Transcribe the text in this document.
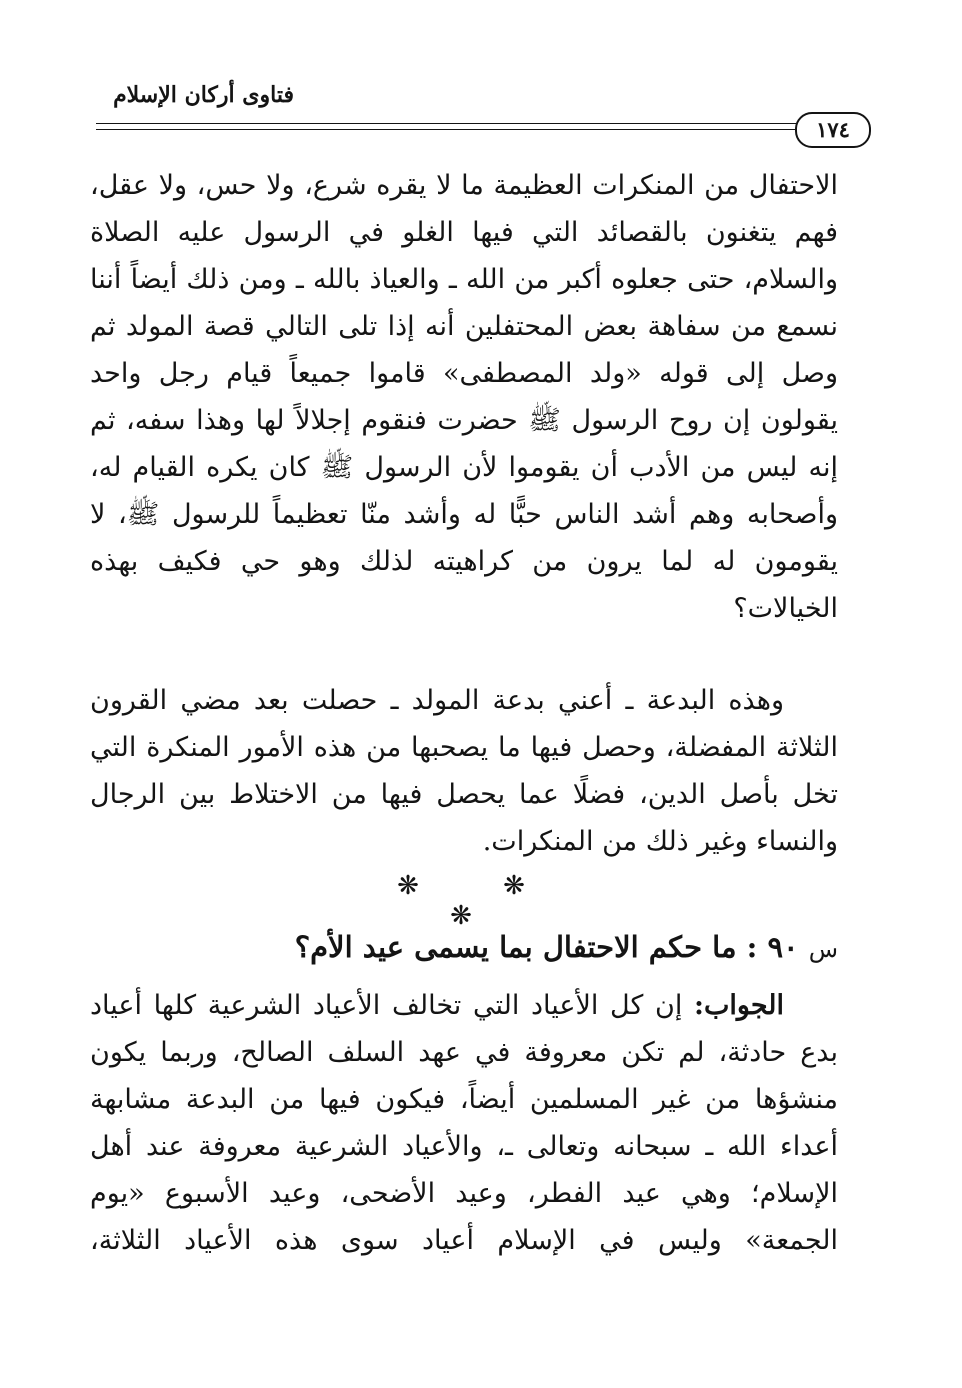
فتاوى أركان الإسلام
١٧٤

الاحتفال من المنكرات العظيمة ما لا يقره شرع، ولا حس، ولا عقل، فهم يتغنون بالقصائد التي فيها الغلو في الرسول عليه الصلاة والسلام، حتى جعلوه أكبر من الله ـ والعياذ بالله ـ ومن ذلك أيضاً أننا نسمع من سفاهة بعض المحتفلين أنه إذا تلى التالي قصة المولد ثم وصل إلى قوله «ولد المصطفى» قاموا جميعاً قيام رجل واحد يقولون إن روح الرسول ﷺ حضرت فنقوم إجلالاً لها وهذا سفه، ثم إنه ليس من الأدب أن يقوموا لأن الرسول ﷺ كان يكره القيام له، وأصحابه وهم أشد الناس حبًّا له وأشد منّا تعظيماً للرسول ﷺ، لا يقومون له لما يرون من كراهيته لذلك وهو حي فكيف بهذه الخيالات؟

وهذه البدعة ـ أعني بدعة المولد ـ حصلت بعد مضي القرون الثلاثة المفضلة، وحصل فيها ما يصحبها من هذه الأمور المنكرة التي تخل بأصل الدين، فضلًا عما يحصل فيها من الاختلاط بين الرجال والنساء وغير ذلك من المنكرات.

❋ ❋ ❋
س ٩٠ : ما حكم الاحتفال بما يسمى عيد الأم؟

الجواب: إن كل الأعياد التي تخالف الأعياد الشرعية كلها أعياد بدع حادثة، لم تكن معروفة في عهد السلف الصالح، وربما يكون منشؤها من غير المسلمين أيضاً، فيكون فيها من البدعة مشابهة أعداء الله ـ سبحانه وتعالى ـ، والأعياد الشرعية معروفة عند أهل الإسلام؛ وهي عيد الفطر، وعيد الأضحى، وعيد الأسبوع «يوم الجمعة» وليس في الإسلام أعياد سوى هذه الأعياد الثلاثة،
